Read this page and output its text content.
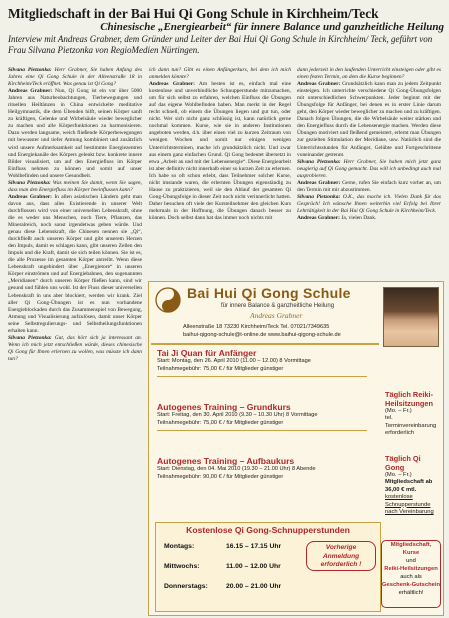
Mitgliedschaft in der Bai Hui Qi Gong Schule in Kirchheim/Teck
Chinesische „Energiearbeit“ für innere Balance und ganzheitliche Heilung
Interview mit Andreas Grabner, dem Gründer und Leiter der Bai Hui Qi Gong Schule in Kirchheim/ Teck, geführt von Frau Silvana Pietzonka von RegioMedien Nürtingen.

Silvana Pietzonka: Herr Grabner, Sie haben Anfang des Jahres eine Qi Gong Schule in der Alleenstraße 18 in Kirchheim/Teck eröffnet. Was genau ist Qi Gong?

Andreas Grabner: Nun, Qi Gong ist ein vor über 5000 Jahren aus Naturbeobachtungen, Tierbewegungen und rituellen Heiltänzen in China entwickelte meditative Heilgymnastik, die dem Übenden hilft, seinen Körper sanft zu kräftigen, Gelenke und Wirbelsäule wieder beweglicher zu machen und alle Körperfunktionen zu harmonisieren. Dazu werden langsame, weich fließende Körperbewegungen mit bewusster und tiefer Atmung kombiniert und zusätzlich wird unsere Aufmerksamkeit auf bestimmte Energiezentren und Energiekanäle des Körpers gelenkt bzw. konkrete innere Bilder visualisiert, um auf den Energiefluss im Körper Einfluss nehmen zu können und somit auf unser Wohlbefinden und unsere Gesundheit.

Silvana Pietzonka: Was meinen Sie damit, wenn Sie sagen, dass man den Energiefluss im Körper beeinflussen kann?

Andreas Grabner: In allen asiatischen Ländern geht man davon aus, dass alles Existierende in unserer Welt durchflossen wird von einer universellen Lebenskraft, ohne die es weder uns Menschen, noch Tiere, Pflanzen, das Mineralreich, noch sonst irgendetwas geben würde. Und genau diese Lebenskraft, die Chinesen nennen sie „Qi“, durchfließt auch unseren Körper und gibt unserem Herzen den Impuls, damit es schlagen kann, gibt unseren Zellen den Impuls und die Kraft, damit sie sich teilen können. Sie ist es, die alle Prozesse im gesamten Körper antreibt. Wenn diese Lebenskraft ungehindert über „Energietore“ in unseren Körper einströmen und auf Energiebahnen, den sogenannten „Meridianen“ durch unseren Körper fließen kann, sind wir gesund und fühlen uns wohl. Ist der Fluss dieser universellen Lebenskraft in uns aber blockiert, werden wir krank. Ziel aller Qi Gong-Übungen ist es nun vorhandene Energieblockaden durch das Zusammenspiel von Bewegung, Atmung und Visualisierung aufzulösen, damit unser Körper seine Selbstregulierungs- und Selbstheilungsfunktionen erhalten kann.

Silvana Pietzonka: Gut, das hört sich ja interessant an. Wenn ich mich jetzt entschließen würde, dieses chinesische Qi Gong für Ihnen erlernen zu wollen, was müsste ich dann tun?

ich dann tun? Gibt es einen Anfängerkurs, bei dem ich mich anmelden könnte?

Andreas Grabner: Am besten ist es, einfach mal eine kostenlose und unverbindliche Schnupperstunde mitzumachen, um für sich selbst zu erfahren, welchen Einfluss die Übungen auf das eigene Wohlbefinden haben. Man merkt in der Regel recht schnell, ob einem die Übungen liegen und gut tun, oder nicht. Wer sich nicht ganz schlüssig ist, kann natürlich gerne nochmal kommen. Kurse, wie sie in anderen Institutionen angeboten werden, d.h. über einen viel zu kurzen Zeitraum von wenigen Wochen und somit nur einigen wenigen Unterrichtsterminen, mache ich grundsätzlich nicht. Und zwar aus einem ganz einfachen Grund. Qi Gong bedeutet übersetzt in etwa „Arbeit an und mit der Lebensenergie“. Diese Energiearbeit ist aber definitiv nicht innerhalb einer so kurzen Zeit zu erlernen. Ich habe so oft schon erlebt, dass Teilnehmer solcher Kurse, nicht imstande waren, die erlernten Übungen eigenständig zu Hause zu praktizieren, weil sie den Ablauf der gesamten Qi Gong-Übungsfolge in dieser Zeit noch nicht verinnerlicht hatten. Daher besuchen oft viele der Kursteilnehmer den gleichen Kurs mehrmals in der Hoffnung, die Übungen danach besser zu können. Doch selbst dann hat das immer noch nichts mit

dann jederzeit in den laufenden Unterricht einsteigen oder gibt es einen festen Termin, an dem die Kurse beginnen?

Andreas Grabner: Grundsätzlich kann man zu jedem Zeitpunkt einsteigen. Ich unterrichte verschiedene Qi Gong-Übungsfolgen mit unterschiedlichen Schwerpunkten. Jeder beginnt mit der Übungsfolge für Anfänger, bei denen es in erster Linie darum geht, den Körper wieder beweglicher zu machen und zu kräftigen. Danach folgen Übungen, die die Wirbelsäule weiter stärken und den Energiefluss durch die Lebensenergie machen. Werden diese Übungen motiviert und fleißend gemeistert, erlernt man Übungen zur gezielten Stimulation der Meridiane, usw. Natürlich sind die Unterrichtsstunden für Anfänger, Gelübte und Fortgeschrittene voneinander getrennt.

Silvana Pietzonka: Herr Grabner, Sie haben mich jetzt ganz neugierig auf Qi Gong gemacht. Das will ich unbedingt auch mal ausprobieren.

Andreas Grabner: Gerne, rufen Sie einfach kurz vorher an, um den Termin mit mir abzustimmen.

Silvana Pietzonka: O.K., das mache ich. Vielen Dank für das Gespräch! Ich wünsche Ihnen weiterhin viel Erfolg bei Ihrer Lehrtätigkeit in der Bai Hui Qi Gong Schule in Kirchheim/Teck.

Andreas Grabner: Ja, vielen Dank.

Bai Hui Qi Gong Schule
für innere Balance & ganzheitliche Heilung
Andreas Grabner
Alleenstraße 18 73230 Kirchheim/Teck Tel. 07021/7349635
baihui-qigong-schule@t-online.de www.baihui-qigong-schule.de
Tai Ji Quan für Anfänger
Start: Montag, den 26. April 2010 (11.00 – 12.00) 8 Vormittage
Teilnahmegebühr: 75,00 € / für Mitglieder günstiger
Autogenes Training – Grundkurs
Start: Freitag, den 30. April 2010 (9.30 – 10.30 Uhr) 8 Vormittage
Teilnahmegebühr: 75,00 € / für Mitglieder günstiger
Autogenes Training – Aufbaukurs
Start: Dienstag, den 04. Mai 2010 (19.30 – 21.00 Uhr) 8 Abende
Teilnahmegebühr: 90,00 € / für Mitglieder günstiger
Kostenlose Qi Gong-Schnupperstunden
Montags:	16.15 – 17.15 Uhr
Mittwochs:	11.00 – 12.00 Uhr
Donnerstags:	20.00 – 21.00 Uhr
Vorherige Anmeldung erforderlich !
Täglich Reiki-Heilsitzungen
(Mo. – Fr.)
tel. Terminvereinbarung erforderlich
Täglich Qi Gong
(Mo. – Fr.)
Mitgliedschaft ab 36,00 € mtl.
kostenlose Schnupperstunde nach Vereinbarung
Mitgliedschaft, Kurse
und
Reiki-Heilsitzungen
auch als
Geschenk-Gutschein
erhältlich!
